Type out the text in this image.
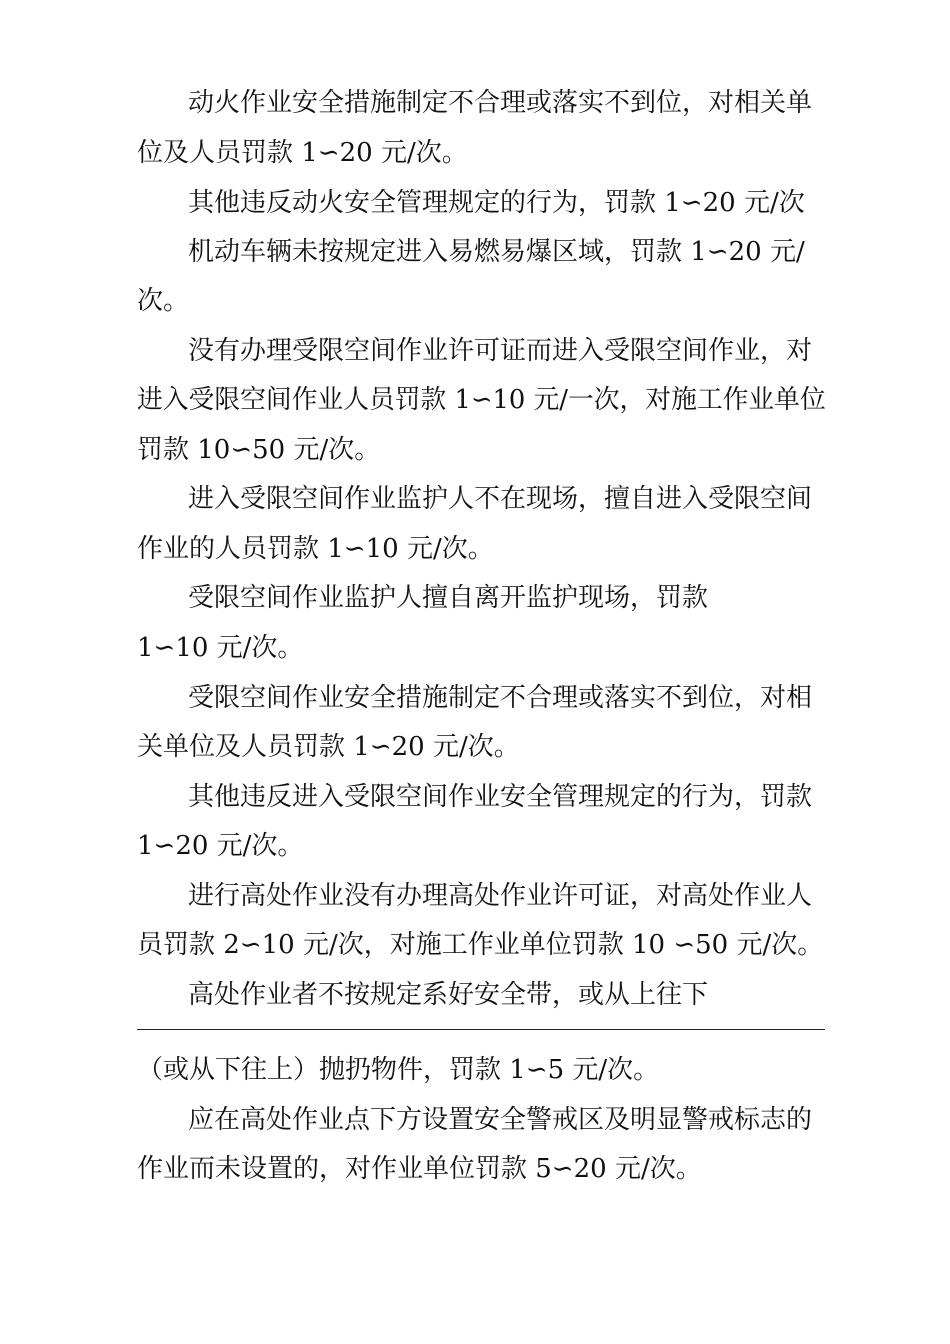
动火作业安全措施制定不合理或落实不到位，对相关单
位及人员罚款 1∽20 元/次。
其他违反动火安全管理规定的行为，罚款 1∽20 元/次
机动车辆未按规定进入易燃易爆区域，罚款 1∽20 元/
次。
没有办理受限空间作业许可证而进入受限空间作业，对
进入受限空间作业人员罚款 1∽10 元/一次，对施工作业单位
罚款 10∽50 元/次。
进入受限空间作业监护人不在现场，擅自进入受限空间
作业的人员罚款 1∽10 元/次。
受限空间作业监护人擅自离开监护现场，罚款
1∽10 元/次。
受限空间作业安全措施制定不合理或落实不到位，对相
关单位及人员罚款 1∽20 元/次。
其他违反进入受限空间作业安全管理规定的行为，罚款
1∽20 元/次。
进行高处作业没有办理高处作业许可证，对高处作业人
员罚款 2∽10 元/次，对施工作业单位罚款 10 ∽50 元/次。
高处作业者不按规定系好安全带，或从上往下
（或从下往上）抛扔物件，罚款 1∽5 元/次。
应在高处作业点下方设置安全警戒区及明显警戒标志的
作业而未设置的，对作业单位罚款 5∽20 元/次。
